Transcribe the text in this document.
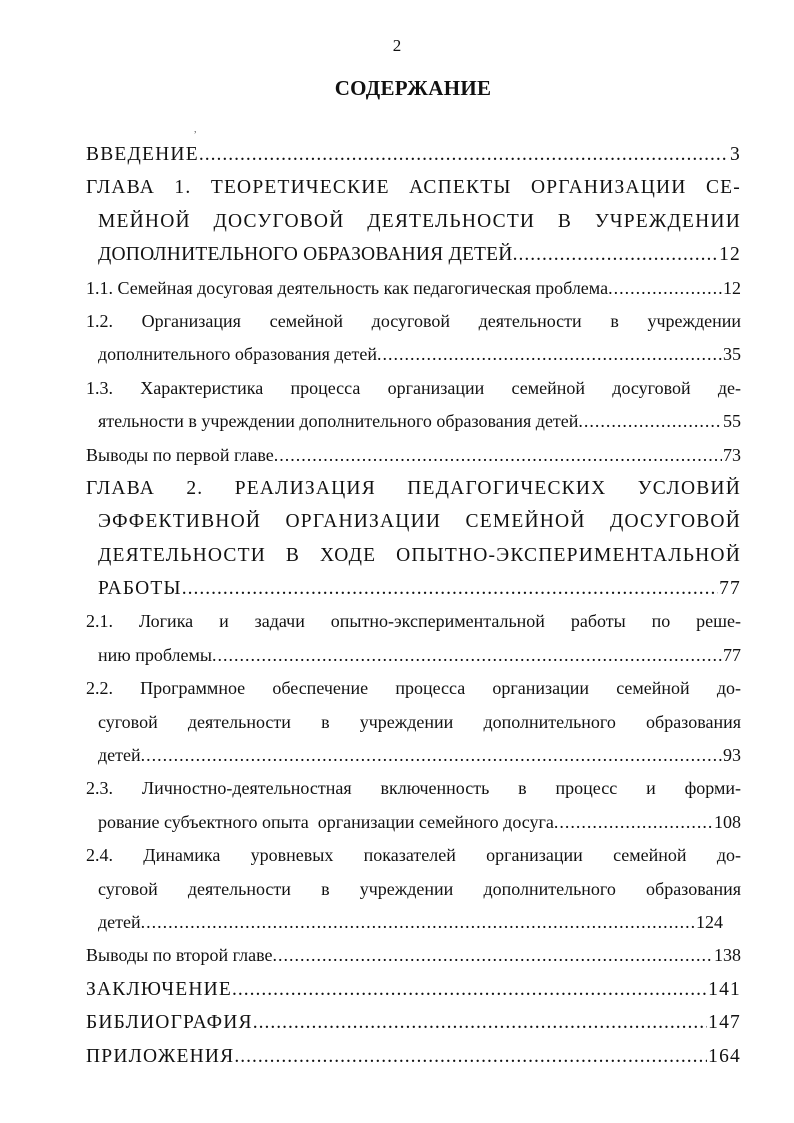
2
СОДЕРЖАНИЕ
,
ВВЕДЕНИЕ .....	3
ГЛАВА 1. ТЕОРЕТИЧЕСКИЕ АСПЕКТЫ ОРГАНИЗАЦИИ СЕ-
МЕЙНОЙ ДОСУГОВОЙ ДЕЯТЕЛЬНОСТИ В УЧРЕЖДЕНИИ
ДОПОЛНИТЕЛЬНОГО ОБРАЗОВАНИЯ ДЕТЕЙ .....	12
1.1. Семейная досуговая деятельность как педагогическая проблема .....	12
1.2. Организация семейной досуговой деятельности в учреждении
дополнительного образования детей .....	35
1.3. Характеристика процесса организации семейной досуговой де-
ятельности в учреждении дополнительного образования детей .....	55
Выводы по первой главе .....	73
ГЛАВА 2. РЕАЛИЗАЦИЯ ПЕДАГОГИЧЕСКИХ УСЛОВИЙ
ЭФФЕКТИВНОЙ ОРГАНИЗАЦИИ СЕМЕЙНОЙ ДОСУГОВОЙ
ДЕЯТЕЛЬНОСТИ В ХОДЕ ОПЫТНО-ЭКСПЕРИМЕНТАЛЬНОЙ
РАБОТЫ .....	77
2.1. Логика и задачи опытно-экспериментальной работы по реше-
нию проблемы .....	77
2.2. Программное обеспечение процесса организации семейной до-
суговой деятельности в учреждении дополнительного образования
детей .....	93
2.3. Личностно-деятельностная включенность в процесс и форми-
рование субъектного опыта  организации семейного досуга .....	108
2.4. Динамика уровневых показателей организации семейной до-
суговой деятельности в учреждении дополнительного образования
детей .....	124
Выводы по второй главе .....	138
ЗАКЛЮЧЕНИЕ .....	141
БИБЛИОГРАФИЯ .....	147
ПРИЛОЖЕНИЯ .....	164
